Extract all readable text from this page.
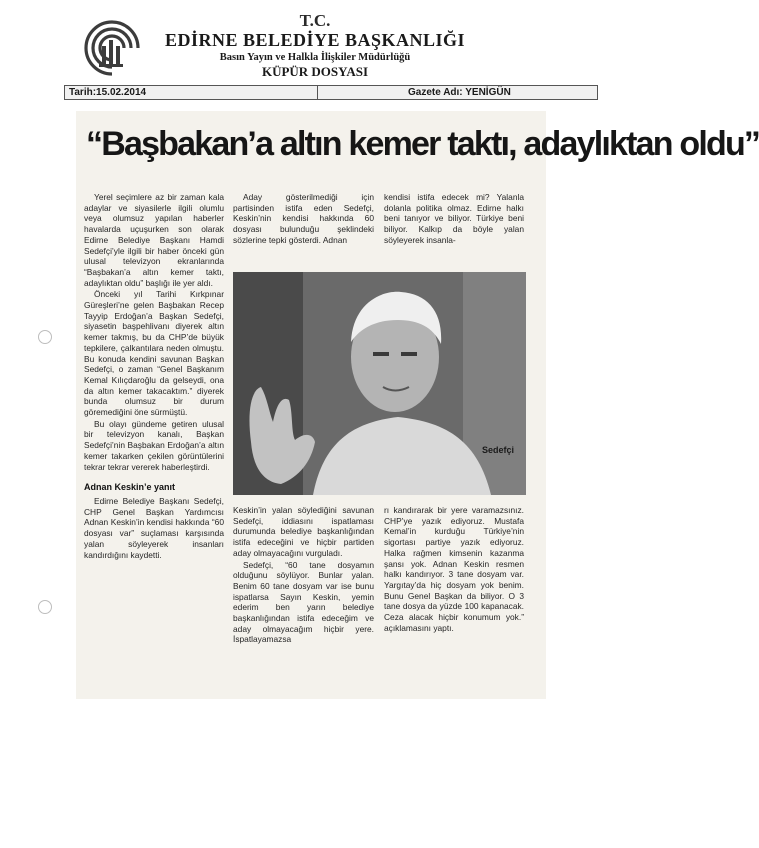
T.C.
EDİRNE BELEDİYE BAŞKANLIĞI
Basın Yayın ve Halkla İlişkiler Müdürlüğü
KÜPÜR DOSYASI
Tarih:15.02.2014	Gazete Adı: YENİGÜN
“Başbakan’a altın kemer taktı, adaylıktan oldu”

Yerel seçimlere az bir zaman kala adaylar ve siyasilerle ilgili olumlu veya olumsuz yapılan haberler havalarda uçuşurken son olarak Edirne Belediye Başkanı Hamdi Sedefçi’yle ilgili bir haber önceki gün ulusal televizyon ekranlarında “Başbakan’a altın kemer taktı, adaylıktan oldu” başlığı ile yer aldı.

Önceki yıl Tarihi Kırkpınar Güreşleri’ne gelen Başbakan Recep Tayyip Erdoğan’a Başkan Sedefçi, siyasetin başpehlivanı diyerek altın kemer takmış, bu da CHP’de büyük tepkilere, çalkantılara neden olmuştu. Bu konuda kendini savunan Başkan Sedefçi, o zaman “Genel Başkanım Kemal Kılıçdaroğlu da gelseydi, ona da altın kemer takacaktım.” diyerek bunda olumsuz bir durum göremediğini öne sürmüştü.

Bu olayı gündeme getiren ulusal bir televizyon kanalı, Başkan Sedefçi’nin Başbakan Erdoğan’a altın kemer takarken çekilen görüntülerini tekrar tekrar vererek haberleştirdi.

Adnan Keskin’e yanıt

Edirne Belediye Başkanı Sedefçi, CHP Genel Başkan Yardımcısı Adnan Keskin’in kendisi hakkında “60 dosyası var” suçlaması karşısında yalan söyleyerek insanları kandırdığını kaydetti.

Aday gösterilmediği için partisinden istifa eden Sedefçi, Keskin’nin kendisi hakkında 60 dosyası bulunduğu şeklindeki sözlerine tepki gösterdi. Adnan

kendisi istifa edecek mi? Yalanla dolanla politika olmaz. Edirne halkı beni tanıyor ve biliyor. Türkiye beni biliyor. Kalkıp da böyle yalan söyleyerek insanla-

Sedefçi

Keskin’in yalan söylediğini savunan Sedefçi, iddiasını ispatlaması durumunda belediye başkanlığından istifa edeceğini ve hiçbir partiden aday olmayacağını vurguladı.

Sedefçi, “60 tane dosyamın olduğunu söylüyor. Bunlar yalan. Benim 60 tane dosyam var ise bunu ispatlarsa Sayın Keskin, yemin ederim ben yarın belediye başkanlığından istifa edeceğim ve aday olmayacağım hiçbir yere. İspatlayamazsa

rı kandırarak bir yere varamazsınız. CHP’ye yazık ediyoruz. Mustafa Kemal’in kurduğu Türkiye’nin sigortası partiye yazık ediyoruz. Halka rağmen kimsenin kazanma şansı yok. Adnan Keskin resmen halkı kandırıyor. 3 tane dosyam var. Yargıtay’da hiç dosyam yok benim. Bunu Genel Başkan da biliyor. O 3 tane dosya da yüzde 100 kapanacak. Ceza alacak hiçbir konumum yok.” açıklamasını yaptı.
